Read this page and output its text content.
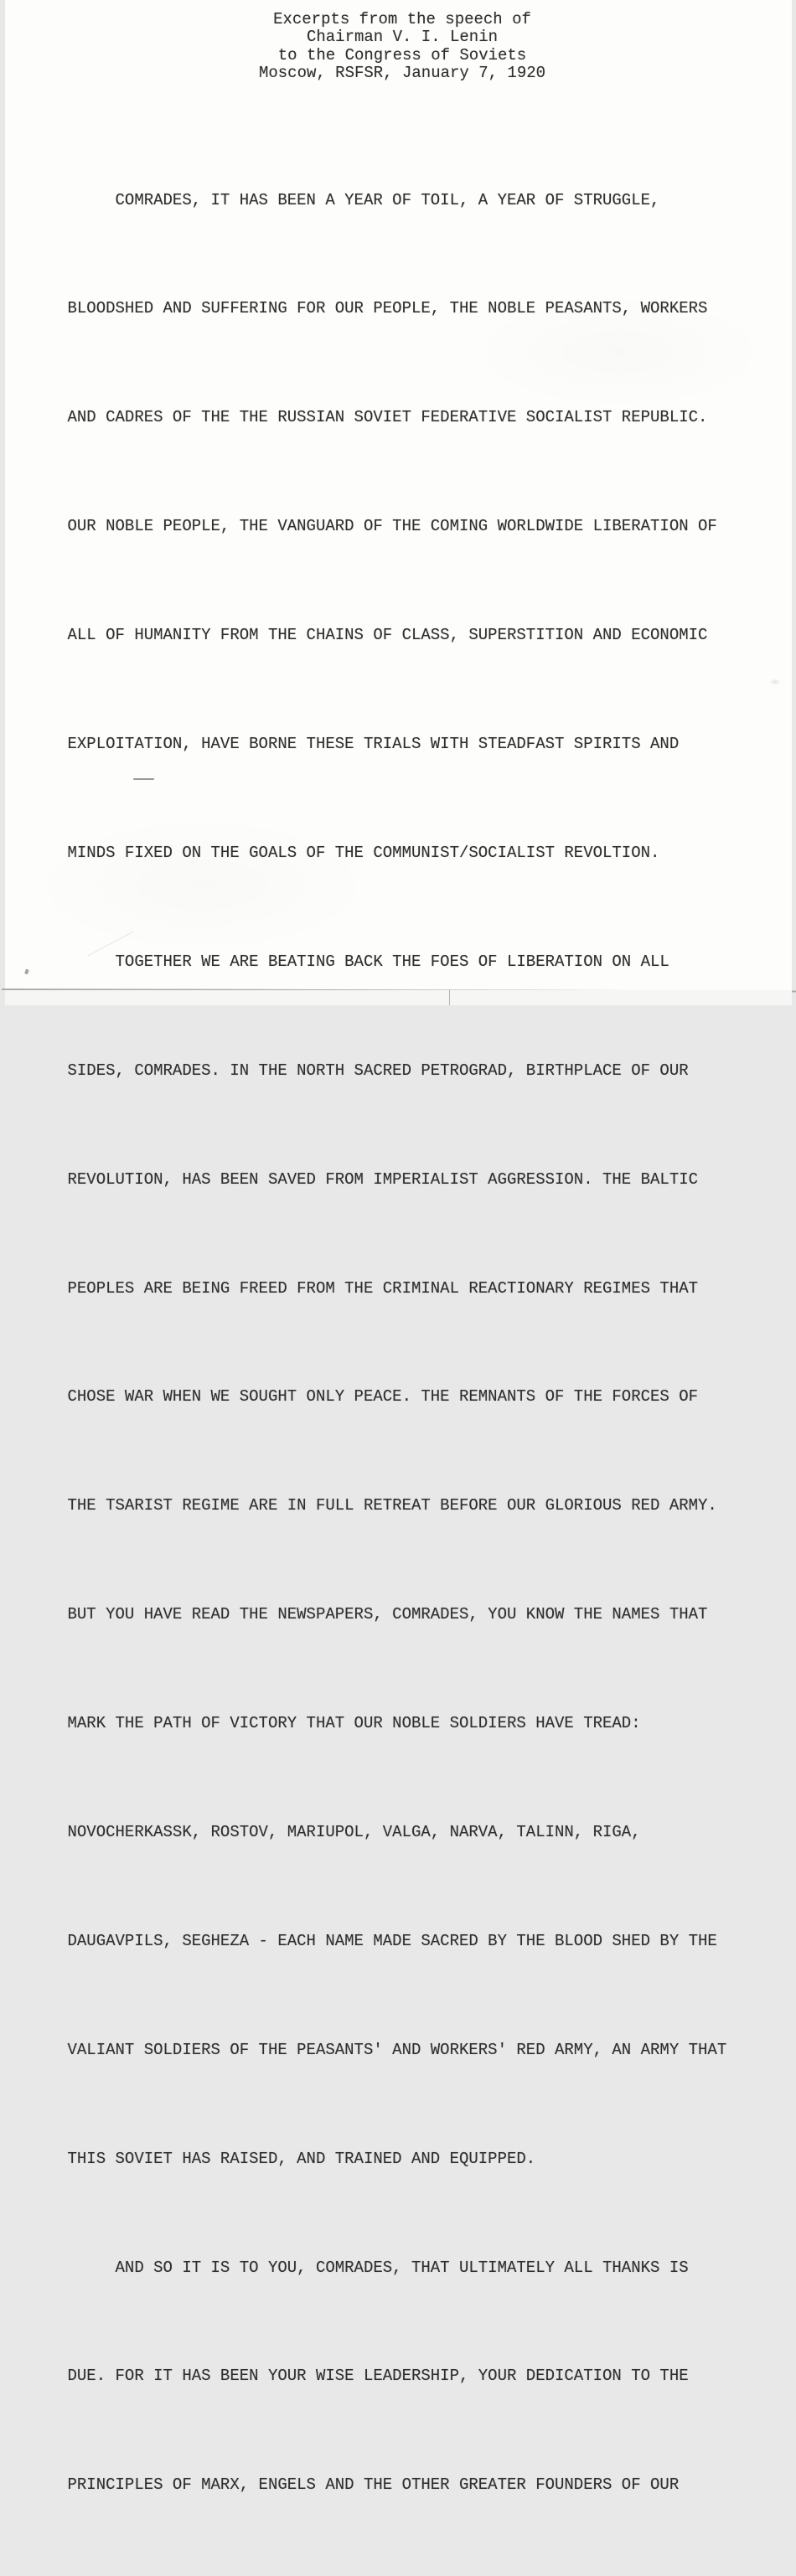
Excerpts from the speech of
Chairman V. I. Lenin
to the Congress of Soviets
Moscow, RSFSR, January 7, 1920

COMRADES, IT HAS BEEN A YEAR OF TOIL, A YEAR OF STRUGGLE,

BLOODSHED AND SUFFERING FOR OUR PEOPLE, THE NOBLE PEASANTS, WORKERS

AND CADRES OF THE THE RUSSIAN SOVIET FEDERATIVE SOCIALIST REPUBLIC.

OUR NOBLE PEOPLE, THE VANGUARD OF THE COMING WORLDWIDE LIBERATION OF

ALL OF HUMANITY FROM THE CHAINS OF CLASS, SUPERSTITION AND ECONOMIC

EXPLOITATION, HAVE BORNE THESE TRIALS WITH STEADFAST SPIRITS AND

MINDS FIXED ON THE GOALS OF THE COMMUNIST/SOCIALIST REVOLTION.

TOGETHER WE ARE BEATING BACK THE FOES OF LIBERATION ON ALL

SIDES, COMRADES. IN THE NORTH SACRED PETROGRAD, BIRTHPLACE OF OUR

REVOLUTION, HAS BEEN SAVED FROM IMPERIALIST AGGRESSION. THE BALTIC

PEOPLES ARE BEING FREED FROM THE CRIMINAL REACTIONARY REGIMES THAT

CHOSE WAR WHEN WE SOUGHT ONLY PEACE. THE REMNANTS OF THE FORCES OF

THE TSARIST REGIME ARE IN FULL RETREAT BEFORE OUR GLORIOUS RED ARMY.

BUT YOU HAVE READ THE NEWSPAPERS, COMRADES, YOU KNOW THE NAMES THAT

MARK THE PATH OF VICTORY THAT OUR NOBLE SOLDIERS HAVE TREAD:

NOVOCHERKASSK, ROSTOV, MARIUPOL, VALGA, NARVA, TALINN, RIGA,

DAUGAVPILS, SEGHEZA - EACH NAME MADE SACRED BY THE BLOOD SHED BY THE

VALIANT SOLDIERS OF THE PEASANTS' AND WORKERS' RED ARMY, AN ARMY THAT

THIS SOVIET HAS RAISED, AND TRAINED AND EQUIPPED.

AND SO IT IS TO YOU, COMRADES, THAT ULTIMATELY ALL THANKS IS

DUE. FOR IT HAS BEEN YOUR WISE LEADERSHIP, YOUR DEDICATION TO THE

PRINCIPLES OF MARX, ENGELS AND THE OTHER GREATER FOUNDERS OF OUR
